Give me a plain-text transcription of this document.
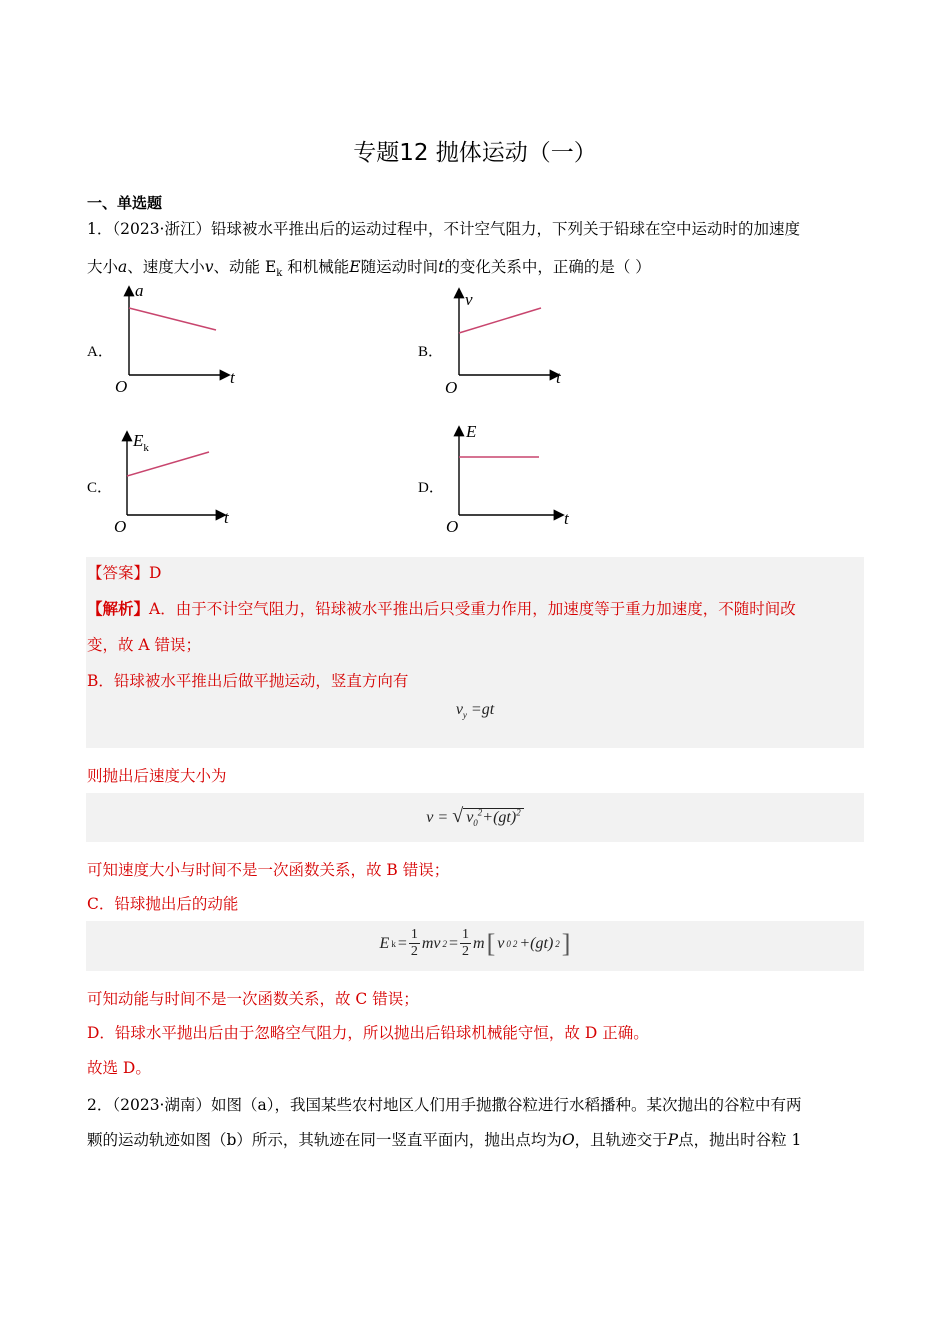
专题12 抛体运动（一）
一、单选题
1．（2023·浙江）铅球被水平推出后的运动过程中，不计空气阻力，下列关于铅球在空中运动时的加速度
大小a、速度大小v、动能 $E_k$ 和机械能E随运动时间t的变化关系中，正确的是（ ）
A．	B．
C．	D．
a
t
O
v
t
O
$E_k$
t
O
E
t
O
【答案】D
【解析】A．由于不计空气阻力，铅球被水平推出后只受重力作用，加速度等于重力加速度，不随时间改
变，故 A 错误；
B．铅球被水平推出后做平抛运动，竖直方向有
$v_y =gt$
则抛出后速度大小为
v = √ $v_0^2+(gt)^2$
可知速度大小与时间不是一次函数关系，故 B 错误；
C．铅球抛出后的动能
E $k = \frac{1}{2}$ mv $2 = \frac{1}{2}$ m [ v 0 2 +(gt) 2 ]
可知动能与时间不是一次函数关系，故 C 错误；
D．铅球水平抛出后由于忽略空气阻力，所以抛出后铅球机械能守恒，故 D 正确。
故选 D。
2．（2023·湖南）如图（a），我国某些农村地区人们用手抛撒谷粒进行水稻播种。某次抛出的谷粒中有两
颗的运动轨迹如图（b）所示，其轨迹在同一竖直平面内，抛出点均为O，且轨迹交于P点，抛出时谷粒 1
